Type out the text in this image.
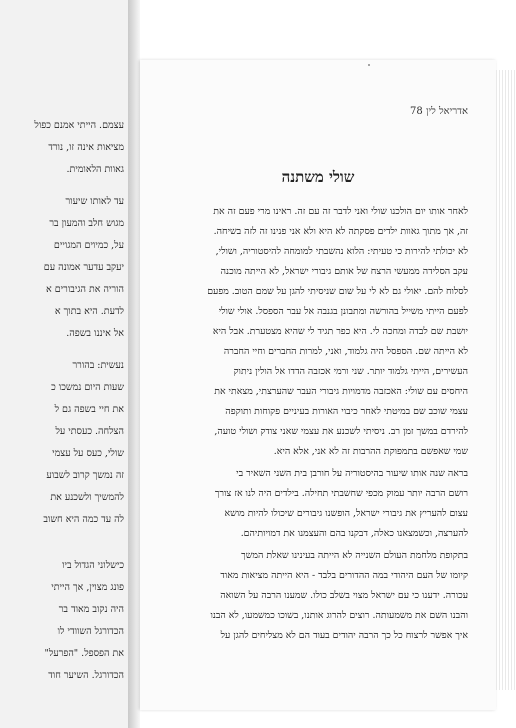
עצמם. הייתי אמנם כפול
מציאות אינה זו, נורד
גאוות הלאומית.
עד לאותו שיעור
מגוש חלב והמעון בר
על, כמיוים המגויים
יעקב עדער אמונה עם
הוריה את הגיבורים א
לדעת. היא בתוך א
אל איננו בשפה.
נעשית: בהורר
שעות היום נמשכו כ
את חיי בשפה גם ל
הצלחה. כעסתי על
שולי, כעס על עצמי
זה נמשך קרוב לשבוע
להמשיך ולשכנע את
לה עד כמה היא חשוב
כישלוני הגדול ביו
פונג מצוין, אך הייתי
היה נקוב מאוד בר
הכדורגל השוודי לו
את הפספל. "הפרעל"
הכדורגל. השיער חוד
אדריאל לין 78
שולי משתנה
לאחר אותו יום הולכנו שולי ואני לדבר זה עם זה. ראינו מרי פעם זה את
זה, אך מתוך גאוות ילדים פסקתה לא היא ולא אני פנינו זה לזה בשיחה.
לא יכולתי להירות כי טעיתי: הלוא נהשבתי למומחה להיסטוריה, ושולי,
עקב הסלידה ממעשי הרצח של אותם גיבורי ישראל, לא הייתה מוכנה
לסלוח להם. יאולי גם לא לי על שום שניסיתי להגן על שמם הטוב. מפעם
לפעם הייתי משייל בהורשה ומתבונן בגנבה אל עבר הספסל. אולי שולי
יושבת שם לבדה ומחכה לי. היא כפר תגיד לי שהיא מצטערת. אבל היא
לא הייתה שם. הספסל היה גלמוד, ואני, למרות החברים וחיי החברה
העשירים, הייתי גלמוד יותר. שני ורמי אכזבה הדדו אל הולין ניתוק
היחסים עם שולי: האכזבה מדמויות גיבורי העבר שהערצתי, מצאתי את
עצמי שוכב שם במיטתי לאחר כיבוי האורות בעיניים פקוחות ותוקפה
להירדם במשך זמן רב. ניסיתי לשכנע את עצמי שאני צודק ושולי טועה,
שמי שאפשם בתמפוקת ההרבות זה לא אני, אלא היא.
בראה שנה אותו שיעור בהיסטוריה על חורבן בית השני השאיר בי
רושם הרבה יותר עמוק מכפי שחשבתי תחילה. בילדים היה לנו אז צורך
עצום להעריץ את גיבורי ישראל, הופשנו גיבורים שיכולו להיות מושא
להערצה, וכשמצאנו כאלה, דבקנו בהם והעצמנו את דמויותיהם.
בתקופת מלחמת העולם השנייה לא הייתה בעינינו שאלת המשך
קיומו של העם היהודי במה ההדורים בלבד - היא הייתה מציאות מאוד
עכורה. ידענו כי עם ישראל מצוי בשלב כולו. שמענו הרבה על השואה
והבנו השם את משמעותה. רוצים להרוג אותנו, בשוכו כמשמעו, לא הבנו
איך אפשר לרצוח כל כך הרבה יהודים בעוד הם לא מצליחים להגן על
